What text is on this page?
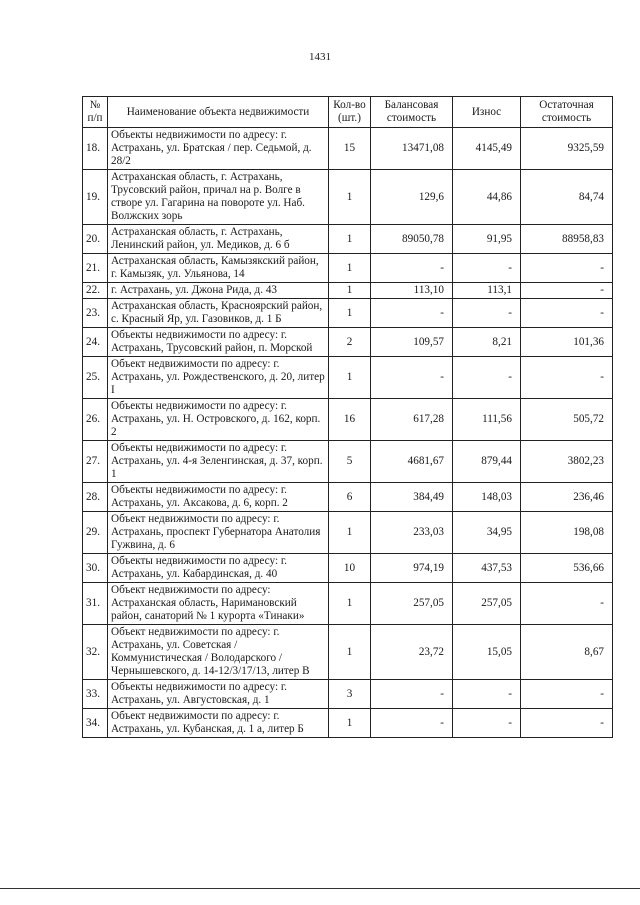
1431
№ п/п	Наименование объекта недвижимости	Кол-во (шт.)	Балансовая стоимость	Износ	Остаточная стоимость
18.	Объекты недвижимости по адресу: г. Астрахань, ул. Братская / пер. Седьмой, д. 28/2	15	13471,08	4145,49	9325,59
19.	Астраханская область, г. Астрахань, Трусовский район, причал на р. Волге в створе ул. Гагарина на повороте ул. Наб. Волжских зорь	1	129,6	44,86	84,74
20.	Астраханская область, г. Астрахань, Ленинский район, ул. Медиков, д. 6 б	1	89050,78	91,95	88958,83
21.	Астраханская область, Камызякский район, г. Камызяк, ул. Ульянова, 14	1	-	-	-
22.	г. Астрахань, ул. Джона Рида, д. 43	1	113,10	113,1	-
23.	Астраханская область, Красноярский район, с. Красный Яр, ул. Газовиков, д. 1 Б	1	-	-	-
24.	Объекты недвижимости по адресу: г. Астрахань, Трусовский район, п. Морской	2	109,57	8,21	101,36
25.	Объект недвижимости по адресу: г. Астрахань, ул. Рождественского, д. 20, литер I	1	-	-	-
26.	Объекты недвижимости по адресу: г. Астрахань, ул. Н. Островского, д. 162, корп. 2	16	617,28	111,56	505,72
27.	Объекты недвижимости по адресу: г. Астрахань, ул. 4-я Зеленгинская, д. 37, корп. 1	5	4681,67	879,44	3802,23
28.	Объекты недвижимости по адресу: г. Астрахань, ул. Аксакова, д. 6, корп. 2	6	384,49	148,03	236,46
29.	Объект недвижимости по адресу: г. Астрахань, проспект Губернатора Анатолия Гужвина, д. 6	1	233,03	34,95	198,08
30.	Объекты недвижимости по адресу: г. Астрахань, ул. Кабардинская, д. 40	10	974,19	437,53	536,66
31.	Объект недвижимости по адресу: Астраханская область, Наримановский район, санаторий № 1 курорта «Тинаки»	1	257,05	257,05	-
32.	Объект недвижимости по адресу: г. Астрахань, ул. Советская / Коммунистическая / Володарского / Чернышевского, д. 14-12/3/17/13, литер В	1	23,72	15,05	8,67
33.	Объекты недвижимости по адресу: г. Астрахань, ул. Августовская, д. 1	3	-	-	-
34.	Объект недвижимости по адресу: г. Астрахань, ул. Кубанская, д. 1 а, литер Б	1	-	-	-
